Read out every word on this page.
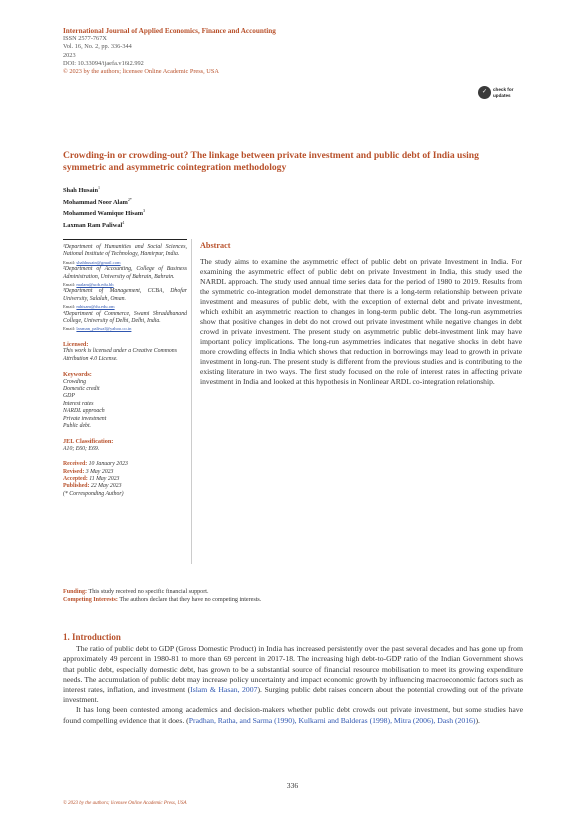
International Journal of Applied Economics, Finance and Accounting
ISSN 2577-767X
Vol. 16, No. 2, pp. 336-344
2023
DOI: 10.33094/ijaefa.v16i2.992
© 2023 by the authors; licensee Online Academic Press, USA
✓	check for
updates
Crowding-in or crowding-out? The linkage between private investment and public debt of India using symmetric and asymmetric cointegration methodology
Shah Husain$^1$
Mohammad Noor Alam$^{2*}$
Mohammed Wamique Hisam$^3$
Laxman Ram Paliwal$^4$
¹Department of Humanities and Social Sciences, National Institute of Technology, Hamirpur, India.
Email: shahhusain@gmail.com
²Department of Accounting, College of Business Administration, University of Bahrain, Bahrain.
Email: malam@uob.edu.bh
³Department of Management, CCBA, Dhofar University, Salalah, Oman.
Email: mhisam@du.edu.om
⁴Department of Commerce, Swami Shraddhanand College, University of Delhi, Delhi, India.
Email: laxman_paliwal@yahoo.co.in
Licensed:
This work is licensed under a Creative Commons Attribution 4.0 License.
Keywords:
Crowding
Domestic credit
GDP
Interest rates
NARDL approach
Private investment
Public debt.
JEL Classification:
A10; E60; E69.
Received: 10 January 2023
Revised: 3 May 2023
Accepted: 11 May 2023
Published: 22 May 2023
(* Corresponding Author)
Abstract
The study aims to examine the asymmetric effect of public debt on private Investment in India. For examining the asymmetric effect of public debt on private Investment in India, this study used the NARDL approach. The study used annual time series data for the period of 1980 to 2019. Results from the symmetric co-integration model demonstrate that there is a long-term relationship between private investment and measures of public debt, with the exception of external debt and private investment, which exhibit an asymmetric reaction to changes in long-term public debt. The long-run asymmetries show that positive changes in debt do not crowd out private investment while negative changes in debt crowd in private investment. The present study on asymmetric public debt-investment link may have important policy implications. The long-run asymmetries indicates that negative shocks in debt have more crowding effects in India which shows that reduction in borrowings may lead to growth in private investment in long-run. The present study is different from the previous studies and is contributing to the existing literature in two ways. The first study focused on the role of interest rates in affecting private investment in India and looked at this hypothesis in Nonlinear ARDL co-integration relationship.
Funding: This study received no specific financial support.
Competing Interests: The authors declare that they have no competing interests.
1. Introduction

The ratio of public debt to GDP (Gross Domestic Product) in India has increased persistently over the past several decades and has gone up from approximately 49 percent in 1980-81 to more than 69 percent in 2017-18. The increasing high debt-to-GDP ratio of the Indian Government shows that public debt, especially domestic debt, has grown to be a substantial source of financial resource mobilisation to meet its growing expenditure needs. The accumulation of public debt may increase policy uncertainty and impact economic growth by influencing macroeconomic factors such as interest rates, inflation, and investment (Islam & Hasan, 2007). Surging public debt raises concern about the potential crowding out of the private investment.

It has long been contested among academics and decision-makers whether public debt crowds out private investment, but some studies have found compelling evidence that it does. (Pradhan, Ratha, and Sarma (1990), Kulkarni and Balderas (1998), Mitra (2006), Dash (2016)).

336
© 2023 by the authors; licensee Online Academic Press, USA
